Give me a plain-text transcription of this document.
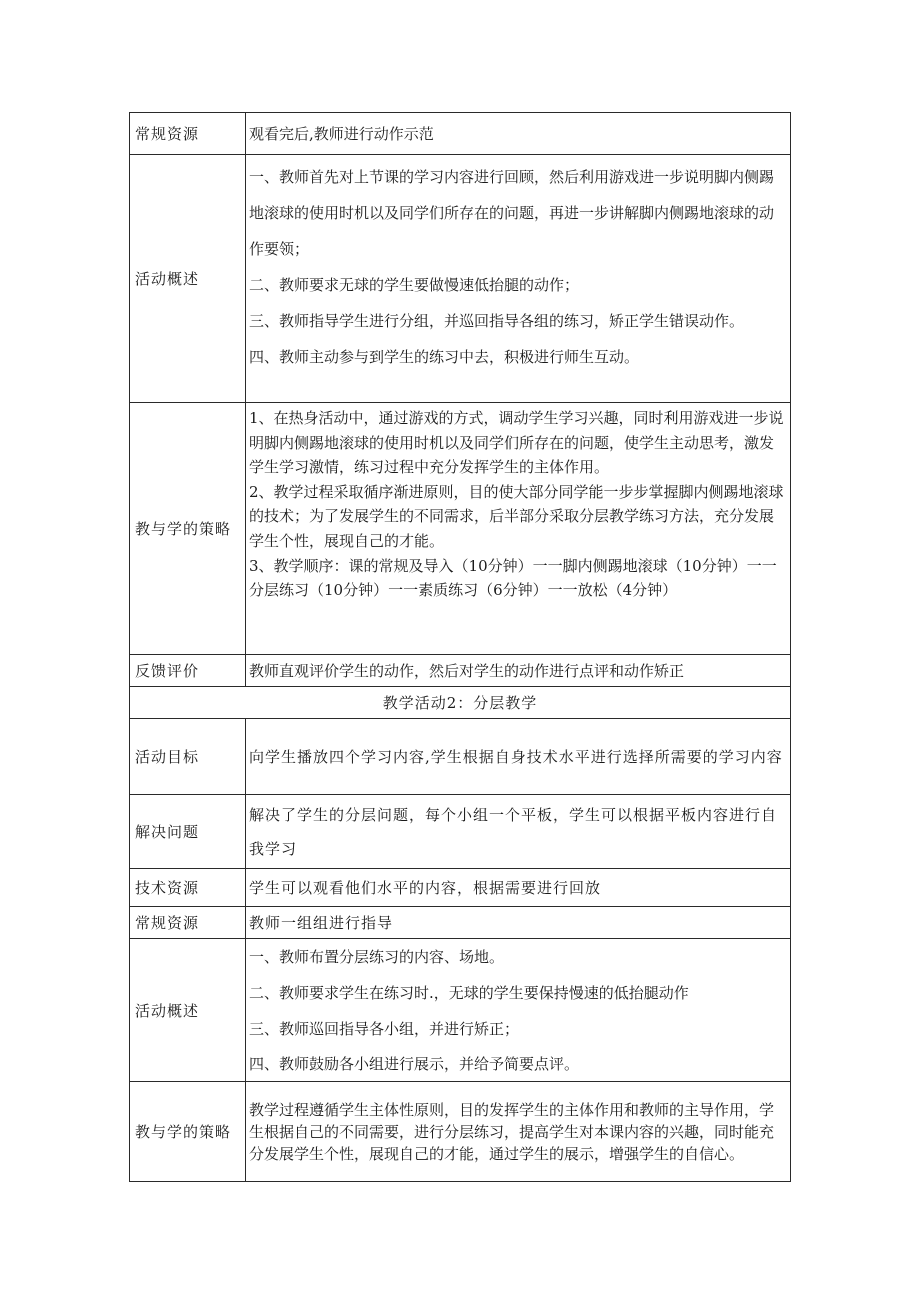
常规资源	观看完后,教师进行动作示范

活动概述	一、教师首先对上节课的学习内容进行回顾，然后利用游戏进一步说明脚内侧踢地滚球的使用时机以及同学们所存在的问题，再进一步讲解脚内侧踢地滚球的动作要领；

二、教师要求无球的学生要做慢速低抬腿的动作；

三、教师指导学生进行分组，并巡回指导各组的练习，矫正学生错误动作。

四、教师主动参与到学生的练习中去，积极进行师生互动。

教与学的策略	1、在热身活动中，通过游戏的方式，调动学生学习兴趣，同时利用游戏进一步说明脚内侧踢地滚球的使用时机以及同学们所存在的问题，使学生主动思考，激发学生学习激情，练习过程中充分发挥学生的主体作用。

2、教学过程采取循序渐进原则，目的使大部分同学能一步步掌握脚内侧踢地滚球的技术；为了发展学生的不同需求，后半部分采取分层教学练习方法，充分发展学生个性，展现自己的才能。

3、教学顺序：课的常规及导入（10分钟）一一脚内侧踢地滚球（10分钟）一一分层练习（10分钟）一一素质练习（6分钟）一一放松（4分钟）

反馈评价	教师直观评价学生的动作，然后对学生的动作进行点评和动作矫正

教学活动2：分层教学	
活动目标	向学生播放四个学习内容,学生根据自身技术水平进行选择所需要的学习内容

解决问题	解决了学生的分层问题，每个小组一个平板，学生可以根据平板内容进行自我学习

技术资源	学生可以观看他们水平的内容，根据需要进行回放

常规资源	教师一组组进行指导

活动概述	一、教师布置分层练习的内容、场地。

二、教师要求学生在练习时.，无球的学生要保持慢速的低抬腿动作

三、教师巡回指导各小组，并进行矫正；

四、教师鼓励各小组进行展示，并给予简要点评。

教与学的策略	教学过程遵循学生主体性原则，目的发挥学生的主体作用和教师的主导作用，学生根据自己的不同需要，进行分层练习，提高学生对本课内容的兴趣，同时能充分发展学生个性，展现自己的才能，通过学生的展示，增强学生的自信心。
